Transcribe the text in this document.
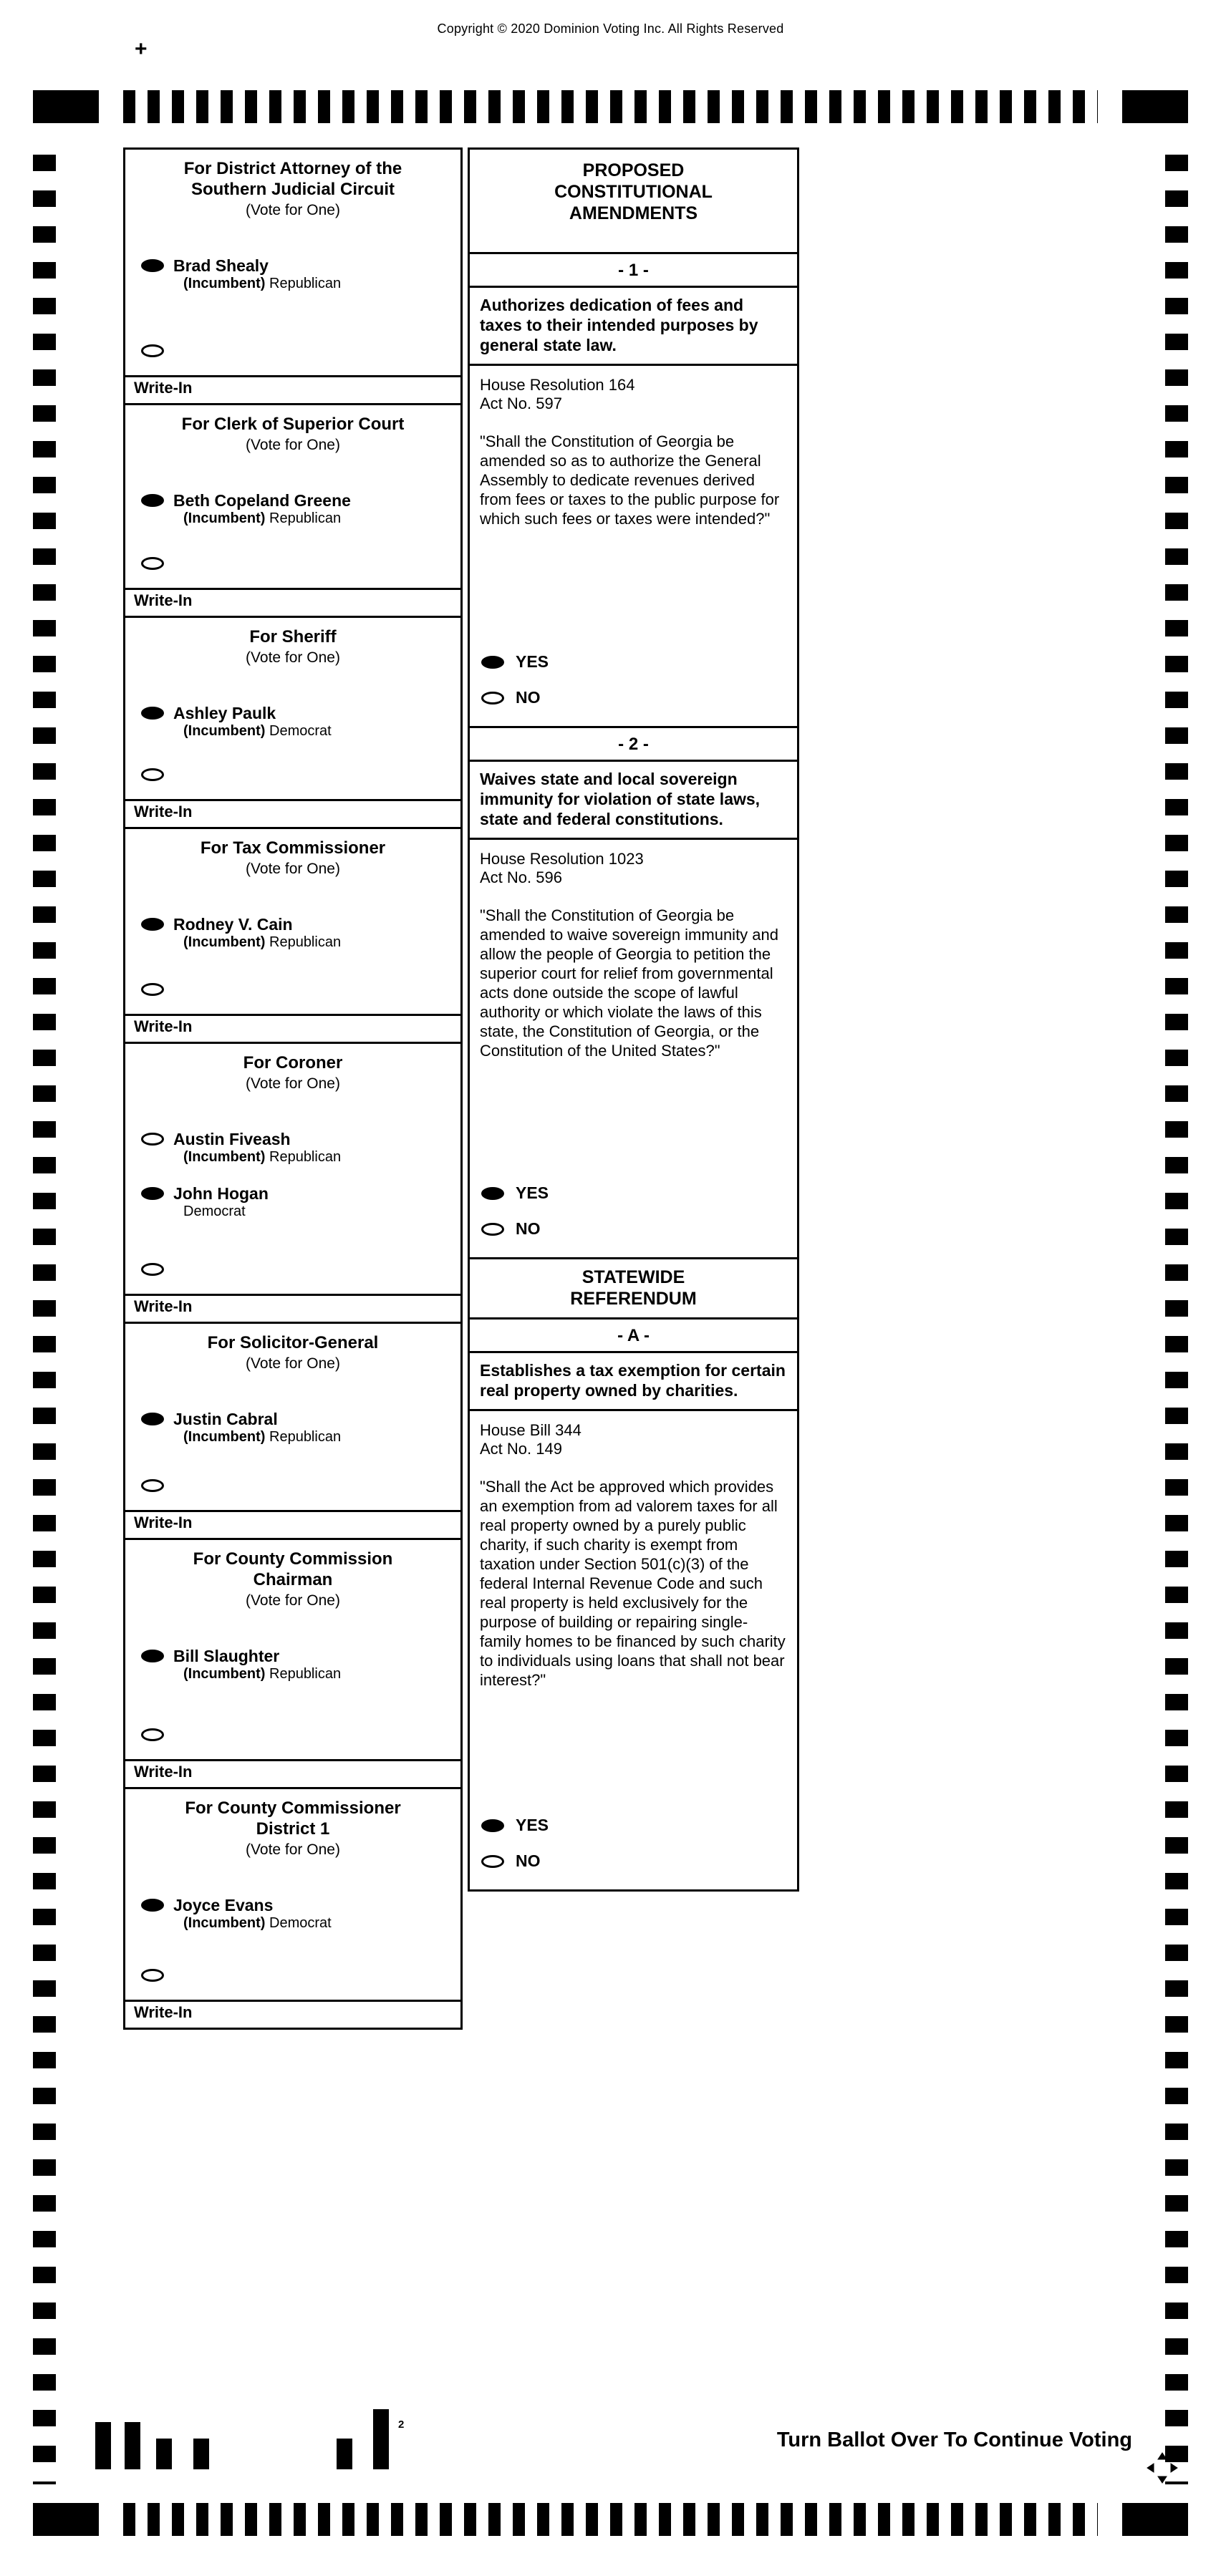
Copyright © 2020 Dominion Voting Inc. All Rights Reserved
+
For District Attorney of the
Southern Judicial Circuit
(Vote for One)
Brad Shealy
(Incumbent) Republican
Write-In
For Clerk of Superior Court
(Vote for One)
Beth Copeland Greene
(Incumbent) Republican
Write-In
For Sheriff
(Vote for One)
Ashley Paulk
(Incumbent) Democrat
Write-In
For Tax Commissioner
(Vote for One)
Rodney V. Cain
(Incumbent) Republican
Write-In
For Coroner
(Vote for One)
Austin Fiveash
(Incumbent) Republican
John Hogan
Democrat
Write-In
For Solicitor-General
(Vote for One)
Justin Cabral
(Incumbent) Republican
Write-In
For County Commission
Chairman
(Vote for One)
Bill Slaughter
(Incumbent) Republican
Write-In
For County Commissioner
District 1
(Vote for One)
Joyce Evans
(Incumbent) Democrat
Write-In
PROPOSED
CONSTITUTIONAL
AMENDMENTS
- 1 -
Authorizes dedication of fees and taxes to their intended purposes by general state law.
House Resolution 164
Act No. 597
"Shall the Constitution of Georgia be amended so as to authorize the General Assembly to dedicate revenues derived from fees or taxes to the public purpose for which such fees or taxes were intended?"
YES
NO
- 2 -
Waives state and local sovereign immunity for violation of state laws, state and federal constitutions.
House Resolution 1023
Act No. 596
"Shall the Constitution of Georgia be amended to waive sovereign immunity and allow the people of Georgia to petition the superior court for relief from governmental acts done outside the scope of lawful authority or which violate the laws of this state, the Constitution of Georgia, or the Constitution of the United States?"
YES
NO
STATEWIDE
REFERENDUM
- A -
Establishes a tax exemption for certain real property owned by charities.
House Bill 344
Act No. 149
"Shall the Act be approved which provides an exemption from ad valorem taxes for all real property owned by a purely public charity, if such charity is exempt from taxation under Section 501(c)(3) of the federal Internal Revenue Code and such real property is held exclusively for the purpose of building or repairing single-family homes to be financed by such charity to individuals using loans that shall not bear interest?"
YES
NO
2
Turn Ballot Over To Continue Voting
